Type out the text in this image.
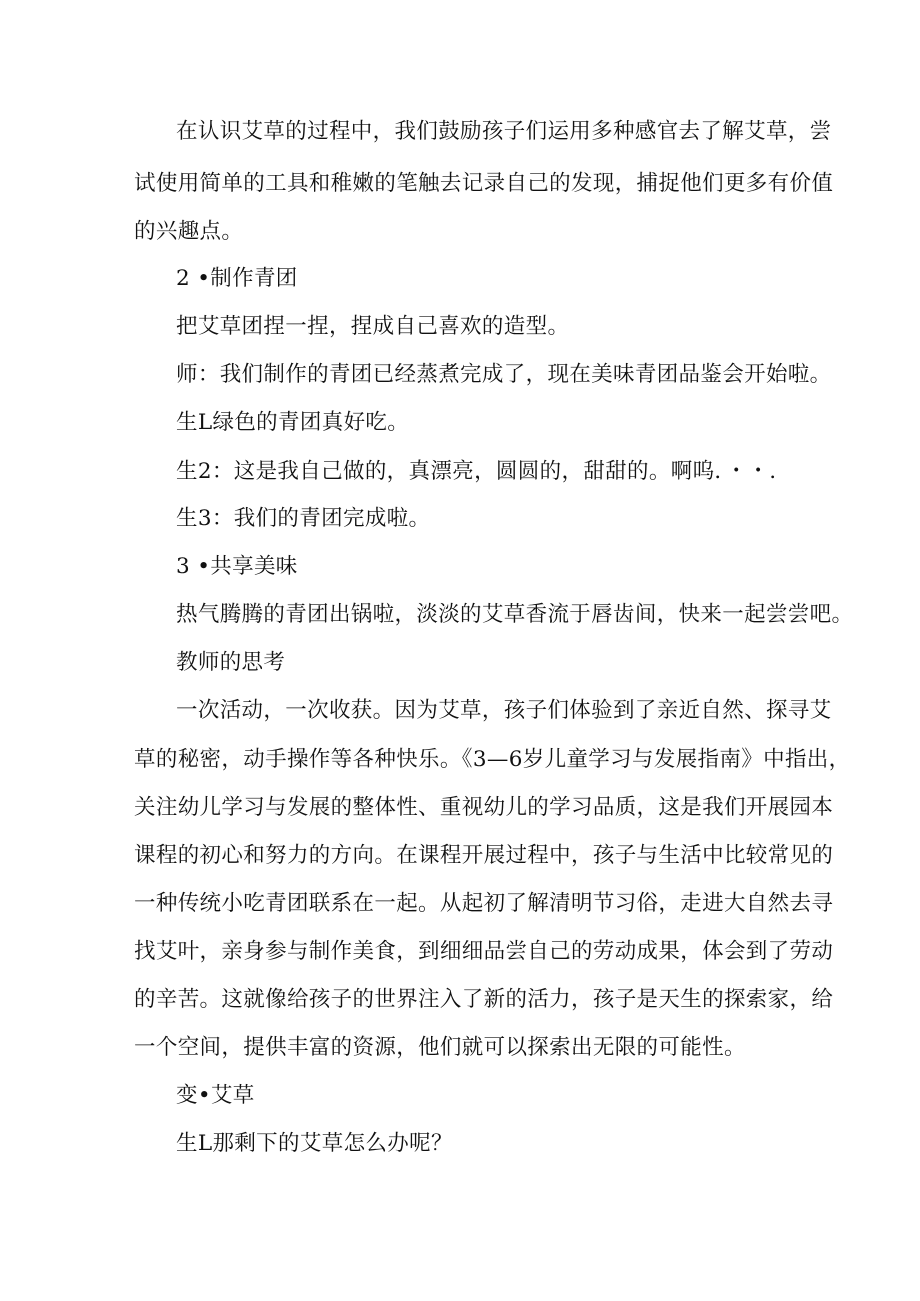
在认识艾草的过程中，我们鼓励孩子们运用多种感官去了解艾草，尝

试使用简单的工具和稚嫩的笔触去记录自己的发现，捕捉他们更多有价值

的兴趣点。

2 •制作青团

把艾草团捏一捏，捏成自己喜欢的造型。

师：我们制作的青团已经蒸煮完成了，现在美味青团品鉴会开始啦。

生L绿色的青团真好吃。

生2：这是我自己做的，真漂亮，圆圆的，甜甜的。啊呜．・・.

生3：我们的青团完成啦。

3 •共享美味

热气腾腾的青团出锅啦，淡淡的艾草香流于唇齿间，快来一起尝尝吧。

教师的思考

一次活动，一次收获。因为艾草，孩子们体验到了亲近自然、探寻艾

草的秘密，动手操作等各种快乐。《3—6岁儿童学习与发展指南》中指出，

关注幼儿学习与发展的整体性、重视幼儿的学习品质，这是我们开展园本

课程的初心和努力的方向。在课程开展过程中，孩子与生活中比较常见的

一种传统小吃青团联系在一起。从起初了解清明节习俗，走进大自然去寻

找艾叶，亲身参与制作美食，到细细品尝自己的劳动成果，体会到了劳动

的辛苦。这就像给孩子的世界注入了新的活力，孩子是天生的探索家，给

一个空间，提供丰富的资源，他们就可以探索出无限的可能性。

变•艾草

生L那剩下的艾草怎么办呢？
